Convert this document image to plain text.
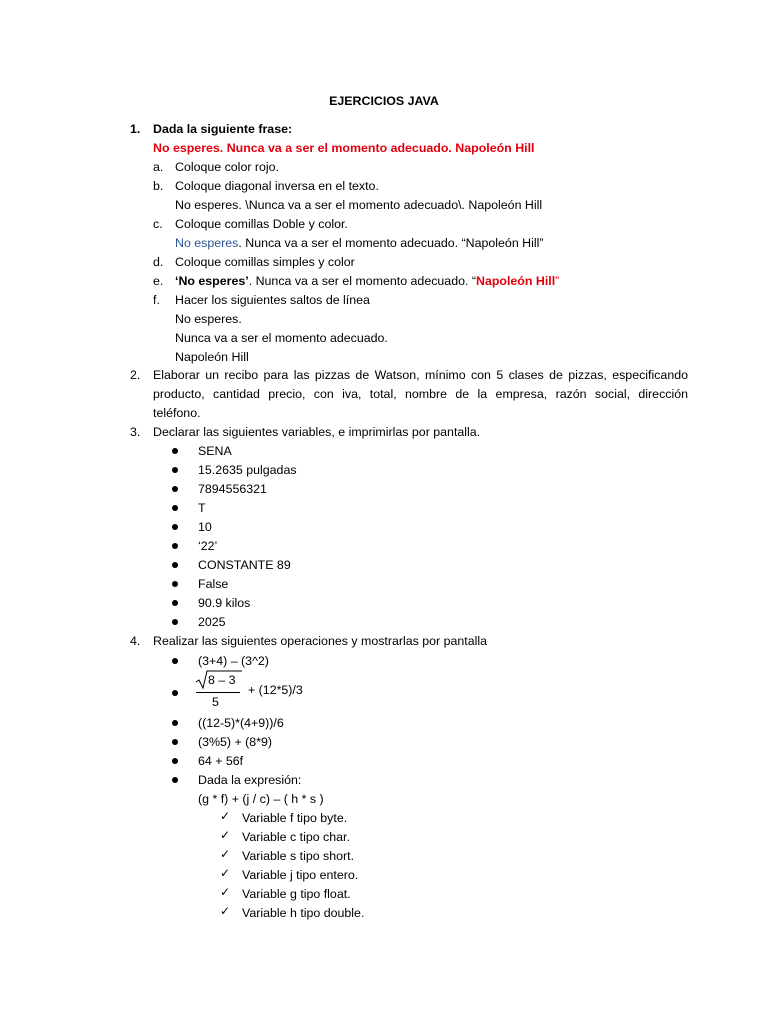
EJERCICIOS JAVA
1. Dada la siguiente frase:
No esperes. Nunca va a ser el momento adecuado. Napoleón Hill
a. Coloque color rojo.
b. Coloque diagonal inversa en el texto.
No esperes. \Nunca va a ser el momento adecuado\. Napoleón Hill
c. Coloque comillas Doble y color.
No esperes. Nunca va a ser el momento adecuado. “Napoleón Hill”
d. Coloque comillas simples y color
e. ‘No esperes’. Nunca va a ser el momento adecuado. “Napoleón Hill”
f. Hacer los siguientes saltos de línea
No esperes.
Nunca va a ser el momento adecuado.
Napoleón Hill
2. Elaborar un recibo para las pizzas de Watson, mínimo con 5 clases de pizzas, especificando
producto, cantidad precio, con iva, total, nombre de la empresa, razón social, dirección
teléfono.
3. Declarar las siguientes variables, e imprimirlas por pantalla.
SENA
15.2635 pulgadas
7894556321
T
10
‘22’
CONSTANTE 89
False
90.9 kilos
2025
4. Realizar las siguientes operaciones y mostrarlas por pantalla
(3+4) – (3^2)
8 – 3
5
+ (12*5)/3
((12-5)*(4+9))/6
(3%5) + (8*9)
64 + 56f
Dada la expresión:
(g * f) + (j / c) – ( h * s )
✓ Variable f tipo byte.
✓ Variable c tipo char.
✓ Variable s tipo short.
✓ Variable j tipo entero.
✓ Variable g tipo float.
✓ Variable h tipo double.
